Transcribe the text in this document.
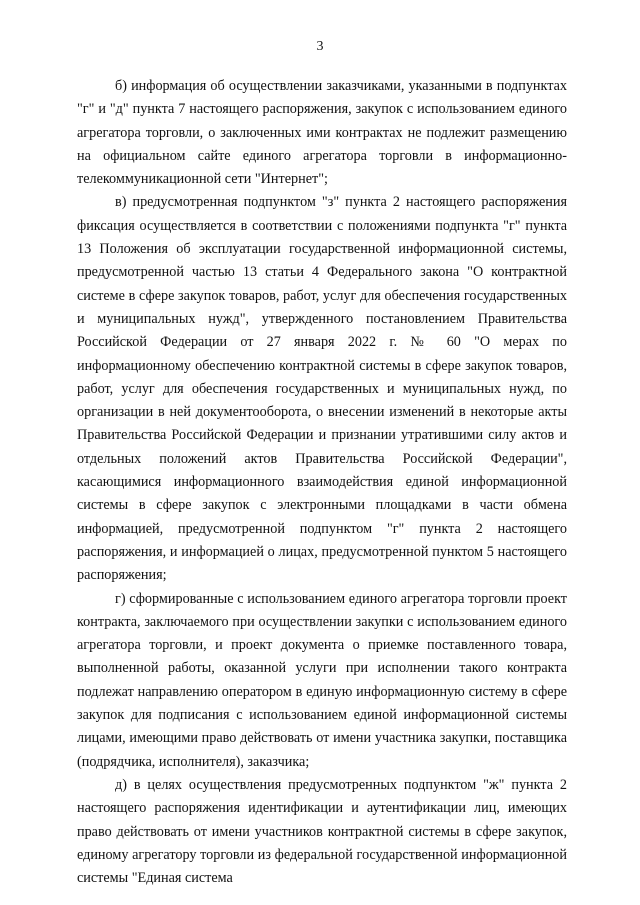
3

б) информация об осуществлении заказчиками, указанными в подпунктах "г" и "д" пункта 7 настоящего распоряжения, закупок с использованием единого агрегатора торговли, о заключенных ими контрактах не подлежит размещению на официальном сайте единого агрегатора торговли в информационно-телекоммуникационной сети "Интернет";

в) предусмотренная подпунктом "з" пункта 2 настоящего распоряжения фиксация осуществляется в соответствии с положениями подпункта "г" пункта 13 Положения об эксплуатации государственной информационной системы, предусмотренной частью 13 статьи 4 Федерального закона "О контрактной системе в сфере закупок товаров, работ, услуг для обеспечения государственных и муниципальных нужд", утвержденного постановлением Правительства Российской Федерации от 27 января 2022 г. № 60 "О мерах по информационному обеспечению контрактной системы в сфере закупок товаров, работ, услуг для обеспечения государственных и муниципальных нужд, по организации в ней документооборота, о внесении изменений в некоторые акты Правительства Российской Федерации и признании утратившими силу актов и отдельных положений актов Правительства Российской Федерации", касающимися информационного взаимодействия единой информационной системы в сфере закупок с электронными площадками в части обмена информацией, предусмотренной подпунктом "г" пункта 2 настоящего распоряжения, и информацией о лицах, предусмотренной пунктом 5 настоящего распоряжения;

г) сформированные с использованием единого агрегатора торговли проект контракта, заключаемого при осуществлении закупки с использованием единого агрегатора торговли, и проект документа о приемке поставленного товара, выполненной работы, оказанной услуги при исполнении такого контракта подлежат направлению оператором в единую информационную систему в сфере закупок для подписания с использованием единой информационной системы лицами, имеющими право действовать от имени участника закупки, поставщика (подрядчика, исполнителя), заказчика;

д) в целях осуществления предусмотренных подпунктом "ж" пункта 2 настоящего распоряжения идентификации и аутентификации лиц, имеющих право действовать от имени участников контрактной системы в сфере закупок, единому агрегатору торговли из федеральной государственной информационной системы "Единая система
